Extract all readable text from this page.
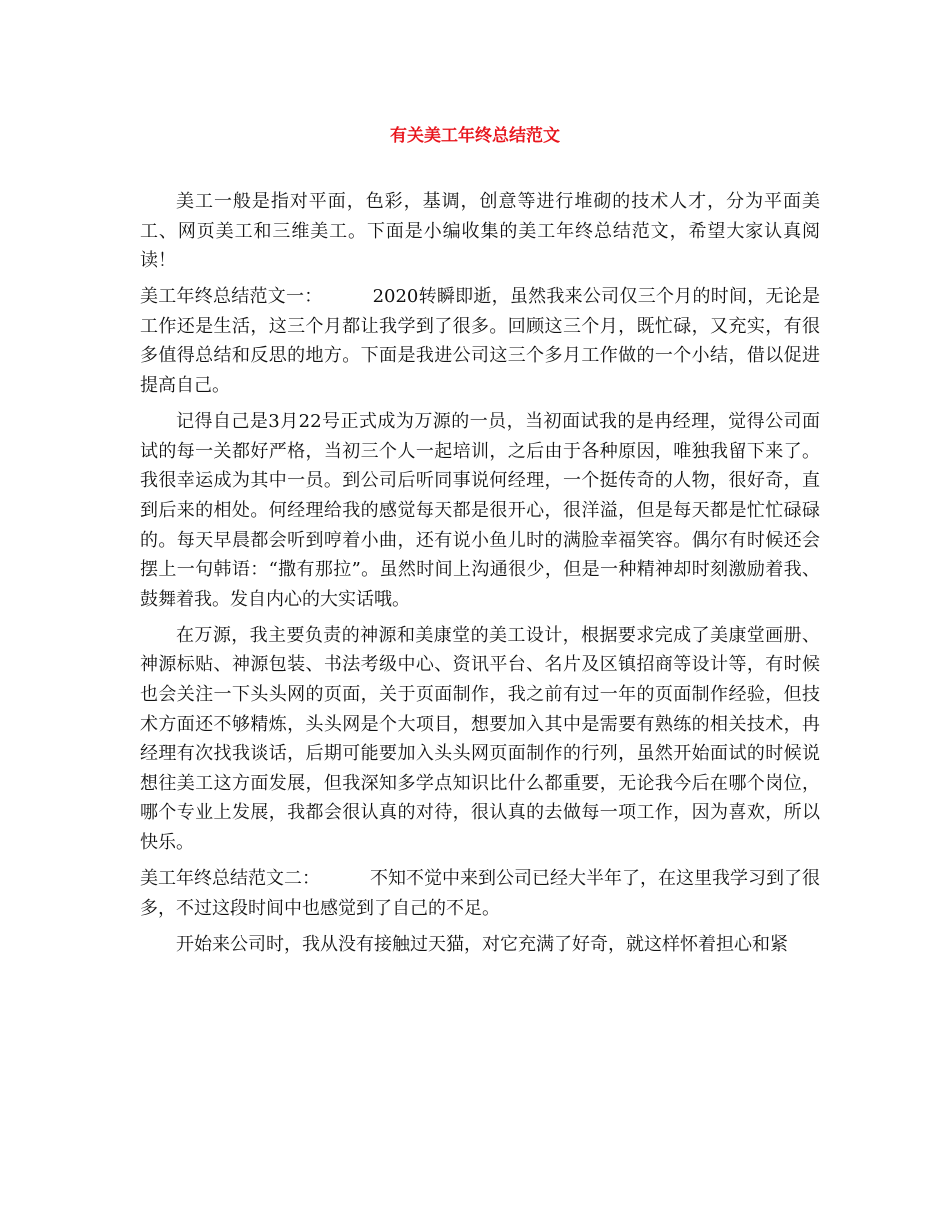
有关美工年终总结范文

美工一般是指对平面，色彩，基调，创意等进行堆砌的技术人才，分为平面美工、网页美工和三维美工。下面是小编收集的美工年终总结范文，希望大家认真阅读！

美工年终总结范文一：	2020转瞬即逝，虽然我来公司仅三个月的时间，无论是工作还是生活，这三个月都让我学到了很多。回顾这三个月，既忙碌，又充实，有很多值得总结和反思的地方。下面是我进公司这三个多月工作做的一个小结，借以促进提高自己。

记得自己是3月22号正式成为万源的一员，当初面试我的是冉经理，觉得公司面试的每一关都好严格，当初三个人一起培训，之后由于各种原因，唯独我留下来了。我很幸运成为其中一员。到公司后听同事说何经理，一个挺传奇的人物，很好奇，直到后来的相处。何经理给我的感觉每天都是很开心，很洋溢，但是每天都是忙忙碌碌的。每天早晨都会听到哼着小曲，还有说小鱼儿时的满脸幸福笑容。偶尔有时候还会摆上一句韩语：“撒有那拉”。虽然时间上沟通很少，但是一种精神却时刻激励着我、鼓舞着我。发自内心的大实话哦。

在万源，我主要负责的神源和美康堂的美工设计，根据要求完成了美康堂画册、神源标贴、神源包装、书法考级中心、资讯平台、名片及区镇招商等设计等，有时候也会关注一下头头网的页面，关于页面制作，我之前有过一年的页面制作经验，但技术方面还不够精炼，头头网是个大项目，想要加入其中是需要有熟练的相关技术，冉经理有次找我谈话，后期可能要加入头头网页面制作的行列，虽然开始面试的时候说想往美工这方面发展，但我深知多学点知识比什么都重要，无论我今后在哪个岗位，哪个专业上发展，我都会很认真的对待，很认真的去做每一项工作，因为喜欢，所以快乐。

美工年终总结范文二：	不知不觉中来到公司已经大半年了，在这里我学习到了很多，不过这段时间中也感觉到了自己的不足。

开始来公司时，我从没有接触过天猫，对它充满了好奇，就这样怀着担心和紧
